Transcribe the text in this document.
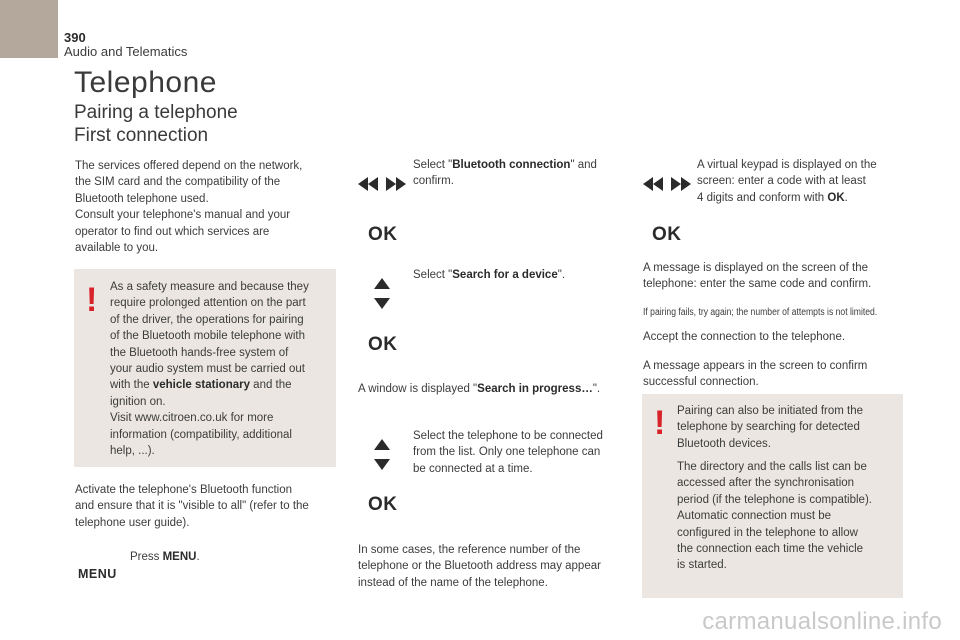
390
Audio and Telematics
Telephone
Pairing a telephone
First connection

The services offered depend on the network,

the SIM card and the compatibility of the

Bluetooth telephone used.

Consult your telephone's manual and your

operator to find out which services are

available to you.

! As a safety measure and because they

require prolonged attention on the part

of the driver, the operations for pairing

of the Bluetooth mobile telephone with

the Bluetooth hands-free system of

your audio system must be carried out

with the vehicle stationary and the

ignition on.

Visit www.citroen.co.uk for more

information (compatibility, additional

help, ...).

Activate the telephone's Bluetooth function

and ensure that it is "visible to all" (refer to the

telephone user guide).

Press MENU.

MENU

Select "Bluetooth connection" and

confirm.

OK

Select "Search for a device".

OK

A window is displayed "Search in progress…".

Select the telephone to be connected

from the list. Only one telephone can

be connected at a time.

OK

In some cases, the reference number of the

telephone or the Bluetooth address may appear

instead of the name of the telephone.

A virtual keypad is displayed on the

screen: enter a code with at least

4 digits and conform with OK.

OK

A message is displayed on the screen of the

telephone: enter the same code and confirm.

If pairing fails, try again; the number of attempts is not limited.
Accept the connection to the telephone.

A message appears in the screen to confirm

successful connection.

! Pairing can also be initiated from the

telephone by searching for detected

Bluetooth devices.

The directory and the calls list can be

accessed after the synchronisation

period (if the telephone is compatible).

Automatic connection must be

configured in the telephone to allow

the connection each time the vehicle

is started.

carmanualsonline.info
